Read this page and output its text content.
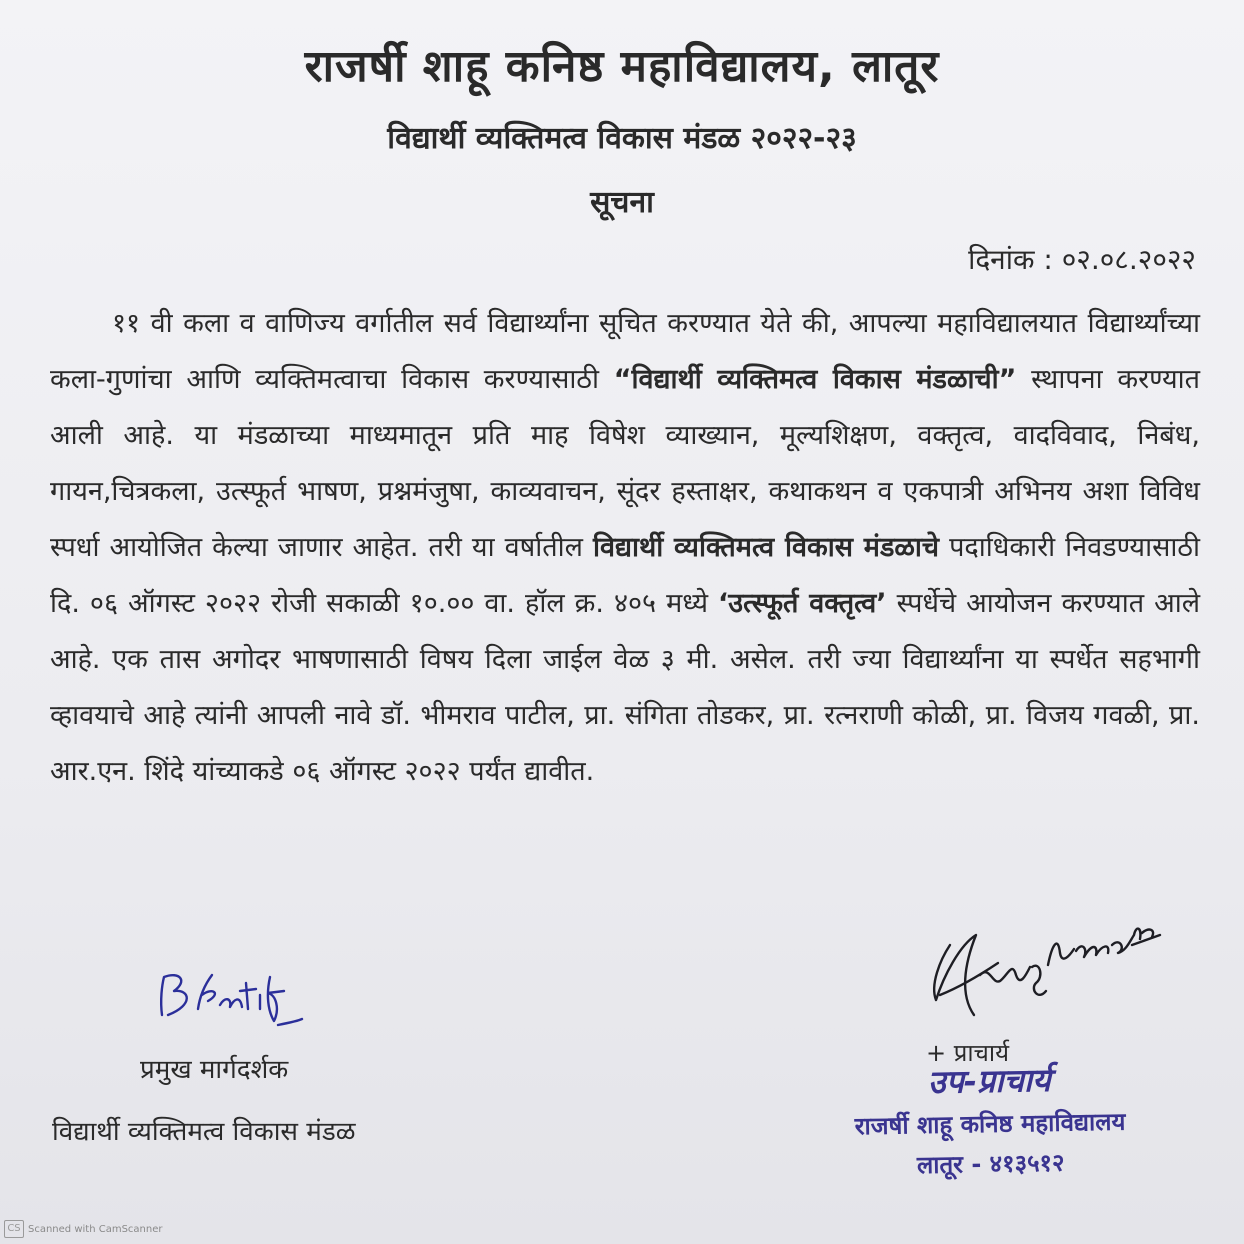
राजर्षी शाहू कनिष्ठ महाविद्यालय, लातूर
विद्यार्थी व्यक्तिमत्व विकास मंडळ २०२२-२३
सूचना
दिनांक : ०२.०८.२०२२
११ वी कला व वाणिज्य वर्गातील सर्व विद्यार्थ्यांना सूचित करण्यात येते की, आपल्या महाविद्यालयात विद्यार्थ्यांच्या कला-गुणांचा आणि व्यक्तिमत्वाचा विकास करण्यासाठी “विद्यार्थी व्यक्तिमत्व विकास मंडळाची” स्थापना करण्यात आली आहे. या मंडळाच्या माध्यमातून प्रति माह विषेश व्याख्यान, मूल्यशिक्षण, वक्तृत्व, वादविवाद, निबंध, गायन,चित्रकला, उत्स्फूर्त भाषण, प्रश्नमंजुषा, काव्यवाचन, सूंदर हस्ताक्षर, कथाकथन व एकपात्री अभिनय अशा विविध स्पर्धा आयोजित केल्या जाणार आहेत. तरी या वर्षातील विद्यार्थी व्यक्तिमत्व विकास मंडळाचे पदाधिकारी निवडण्यासाठी दि. ०६ ऑगस्ट २०२२ रोजी सकाळी १०.०० वा. हॉल क्र. ४०५ मध्ये ‘उत्स्फूर्त वक्तृत्व’ स्पर्धेचे आयोजन करण्यात आले आहे. एक तास अगोदर भाषणासाठी विषय दिला जाईल वेळ ३ मी. असेल. तरी ज्या विद्यार्थ्यांना या स्पर्धेत सहभागी व्हावयाचे आहे त्यांनी आपली नावे डॉ. भीमराव पाटील, प्रा. संगिता तोडकर, प्रा. रत्नराणी कोळी, प्रा. विजय गवळी, प्रा. आर.एन. शिंदे यांच्याकडे ०६ ऑगस्ट २०२२ पर्यंत द्यावीत.
प्रमुख मार्गदर्शक
विद्यार्थी व्यक्तिमत्व विकास मंडळ
+ प्राचार्य
उप-प्राचार्य
राजर्षी शाहू कनिष्ठ महाविद्यालय
लातूर - ४१३५१२
CS Scanned with CamScanner
